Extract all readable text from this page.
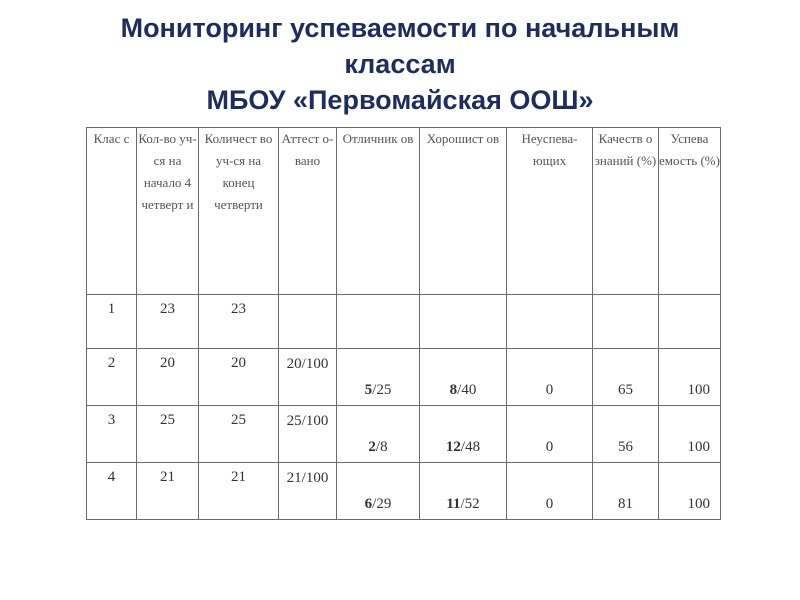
Мониторинг успеваемости по начальным
классам
МБОУ «Первомайская ООШ»
Клас с	Кол-во уч-ся на начало 4 четверт и	Количест во уч-ся на конец четверти	Аттест о-вано	Отличник ов	Хорошист ов	Неуспева- ющих	Качеств о знаний (%)	Успева емость (%)

1	23	23						

2	20	20	20/100	5/25	8/40	0	65	100

3	25	25	25/100	2/8	12/48	0	56	100

4	21	21	21/100	6/29	11/52	0	81	100
